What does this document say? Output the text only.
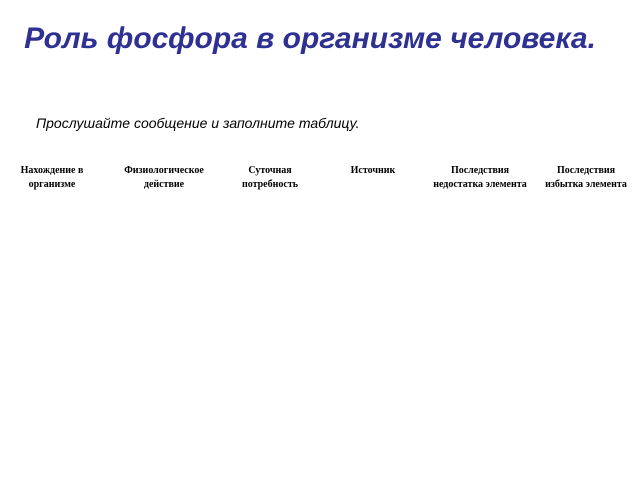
Роль фосфора в организме человека.

Прослушайте сообщение и заполните таблицу.

Нахождение в организме
Физиологическое действие
Суточная потребность
Источник	Последствия недостатка элемента
Последствия избытка элемента
